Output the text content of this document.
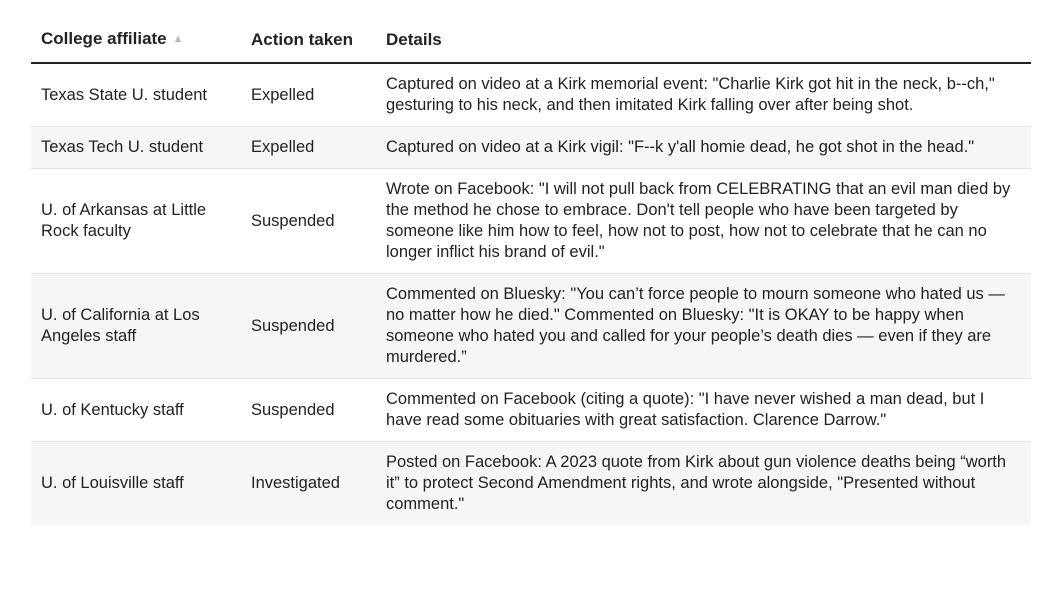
College affiliate ▲	Action taken	Details
Texas State U. student	Expelled	Captured on video at a Kirk memorial event: "Charlie Kirk got hit in the neck, b--ch," gesturing to his neck, and then imitated Kirk falling over after being shot.
Texas Tech U. student	Expelled	Captured on video at a Kirk vigil: "F--k y'all homie dead, he got shot in the head."
U. of Arkansas at Little Rock faculty	Suspended	Wrote on Facebook: "I will not pull back from CELEBRATING that an evil man died by the method he chose to embrace. Don't tell people who have been targeted by someone like him how to feel, how not to post, how not to celebrate that he can no longer inflict his brand of evil."
U. of California at Los Angeles staff	Suspended	Commented on Bluesky: "You can’t force people to mourn someone who hated us — no matter how he died." Commented on Bluesky: "It is OKAY to be happy when someone who hated you and called for your people’s death dies — even if they are murdered.”
U. of Kentucky staff	Suspended	Commented on Facebook (citing a quote): "I have never wished a man dead, but I have read some obituaries with great satisfaction. Clarence Darrow."
U. of Louisville staff	Investigated	Posted on Facebook: A 2023 quote from Kirk about gun violence deaths being “worth it” to protect Second Amendment rights, and wrote alongside, "Presented without comment."
